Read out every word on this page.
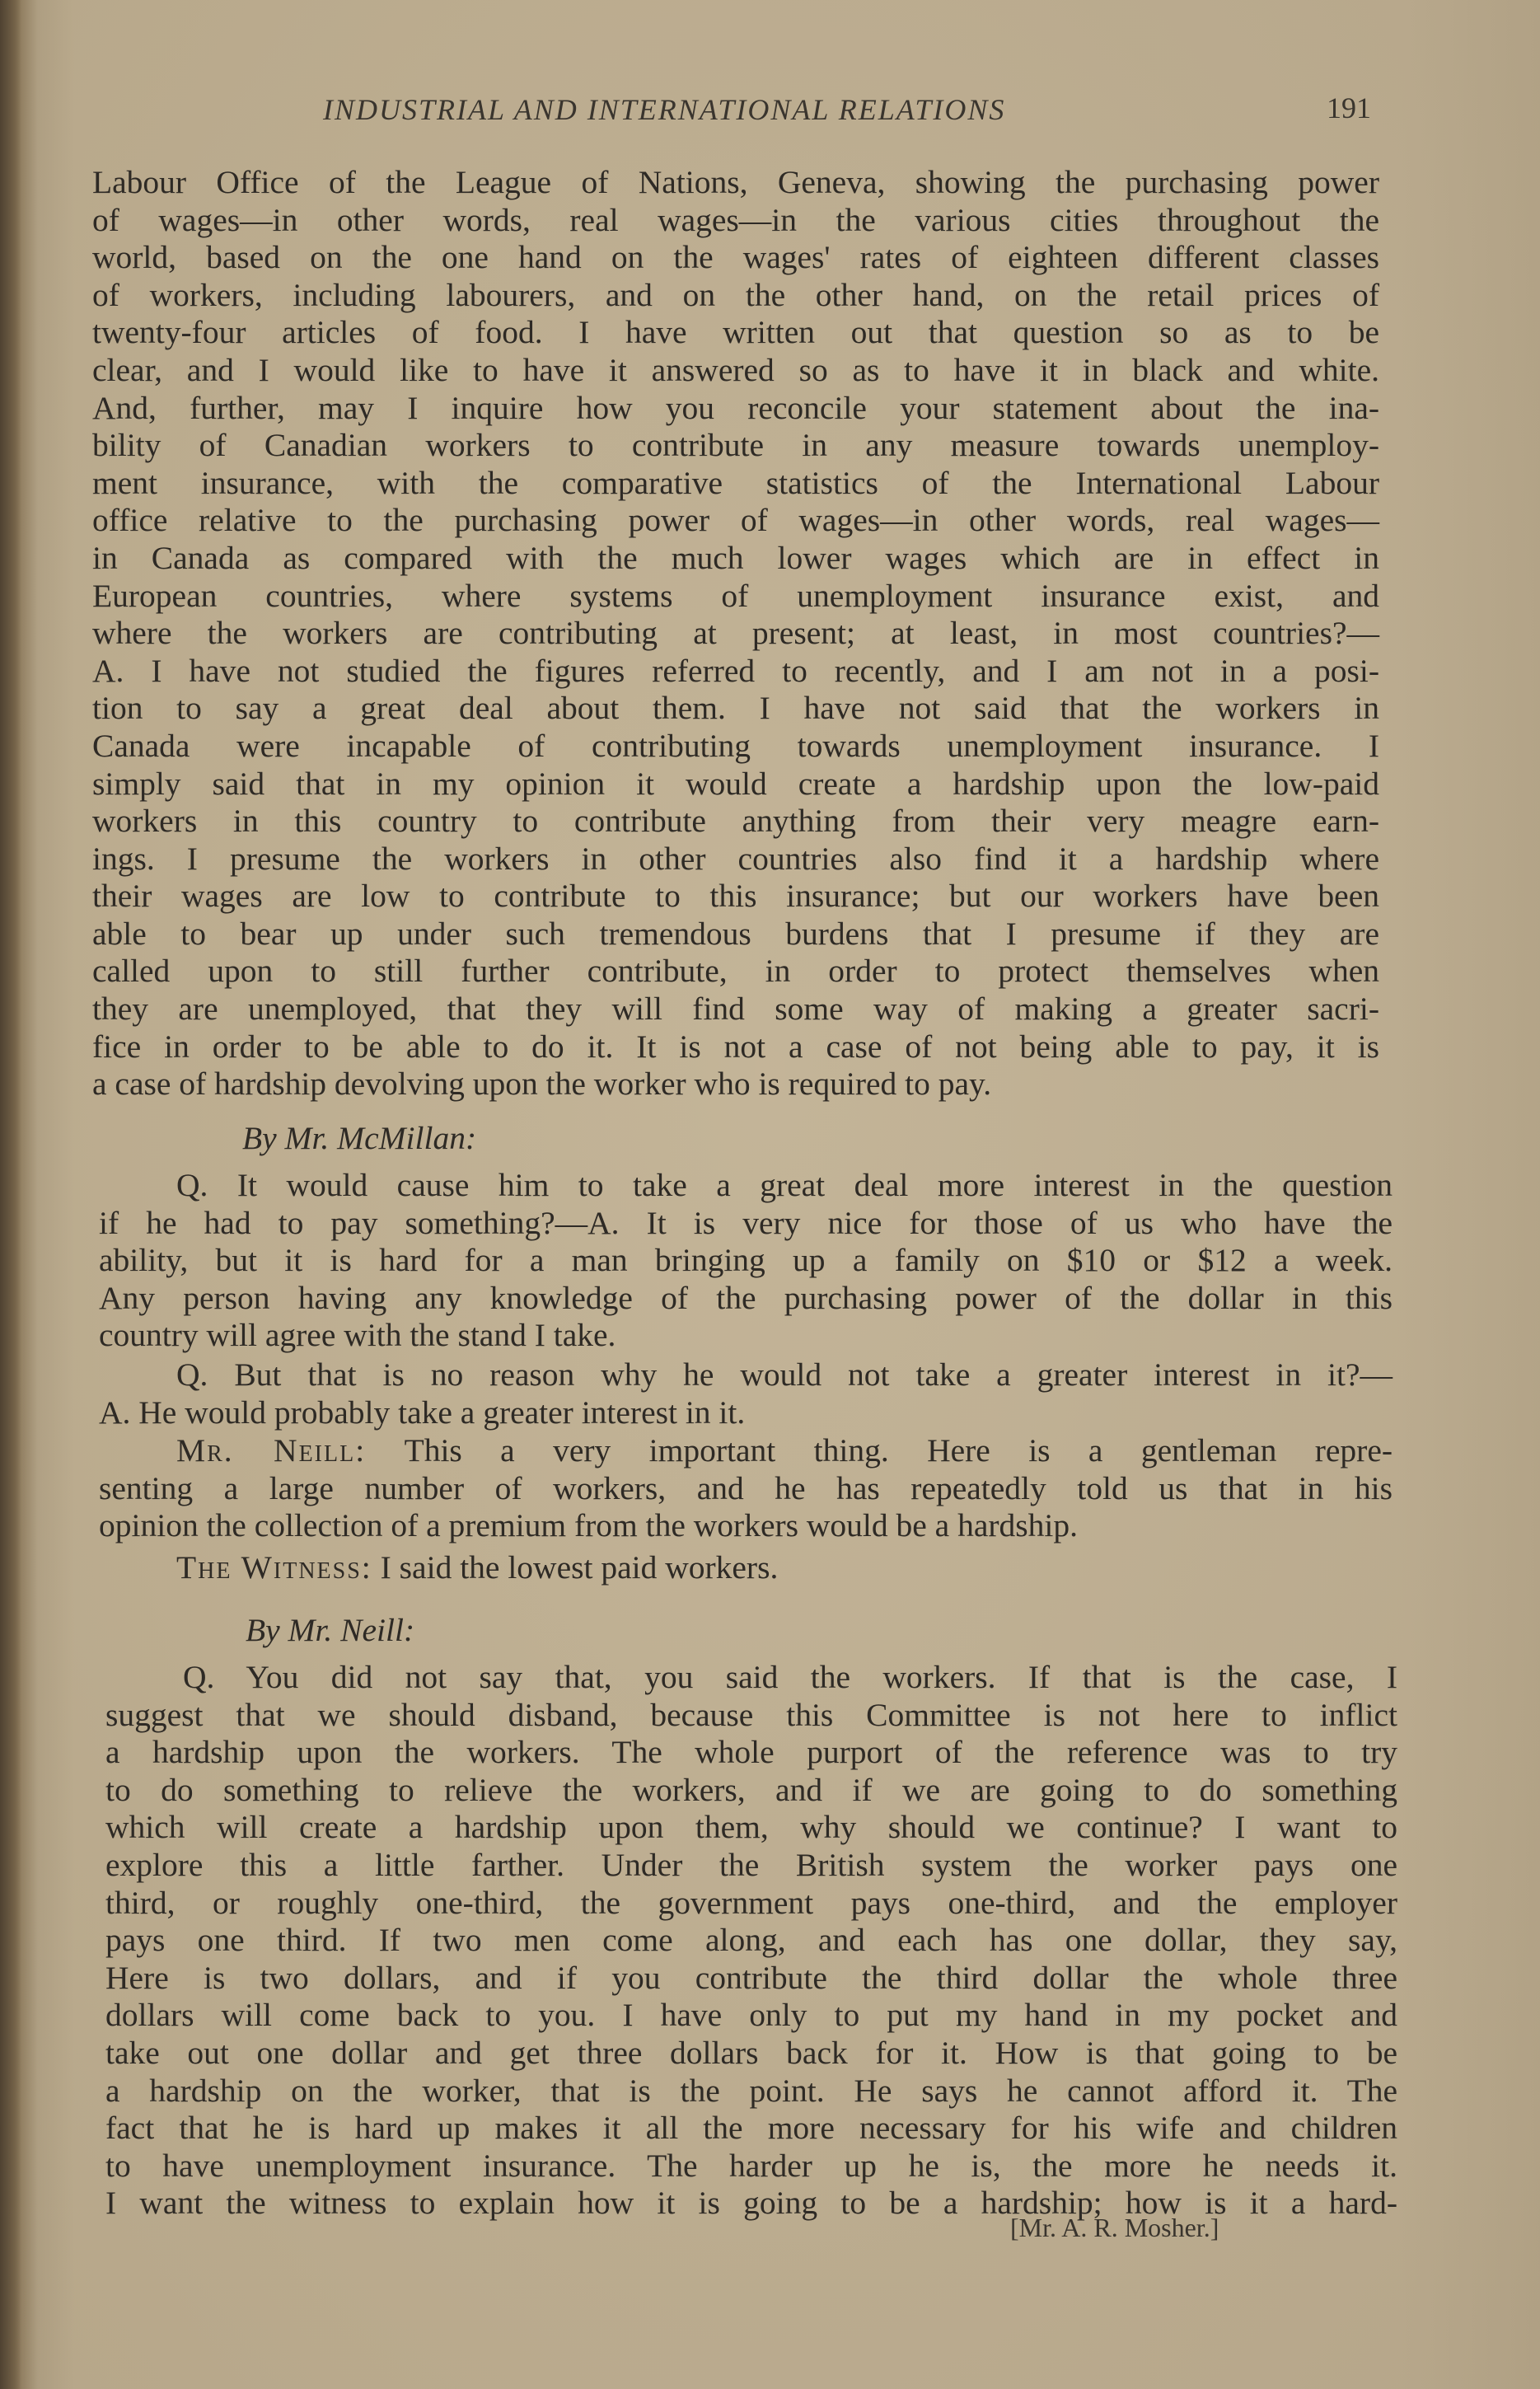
INDUSTRIAL AND INTERNATIONAL RELATIONS	191
Labour Office of the League of Nations, Geneva, showing the purchasing power
of wages—in other words, real wages—in the various cities throughout the
world, based on the one hand on the wages' rates of eighteen different classes
of workers, including labourers, and on the other hand, on the retail prices of
twenty-four articles of food. I have written out that question so as to be
clear, and I would like to have it answered so as to have it in black and white.
And, further, may I inquire how you reconcile your statement about the ina-
bility of Canadian workers to contribute in any measure towards unemploy-
ment insurance, with the comparative statistics of the International Labour
office relative to the purchasing power of wages—in other words, real wages—
in Canada as compared with the much lower wages which are in effect in
European countries, where systems of unemployment insurance exist, and
where the workers are contributing at present; at least, in most countries?—
A. I have not studied the figures referred to recently, and I am not in a posi-
tion to say a great deal about them. I have not said that the workers in
Canada were incapable of contributing towards unemployment insurance. I
simply said that in my opinion it would create a hardship upon the low-paid
workers in this country to contribute anything from their very meagre earn-
ings. I presume the workers in other countries also find it a hardship where
their wages are low to contribute to this insurance; but our workers have been
able to bear up under such tremendous burdens that I presume if they are
called upon to still further contribute, in order to protect themselves when
they are unemployed, that they will find some way of making a greater sacri-
fice in order to be able to do it. It is not a case of not being able to pay, it is
a case of hardship devolving upon the worker who is required to pay.
By Mr. McMillan:
Q. It would cause him to take a great deal more interest in the question
if he had to pay something?—A. It is very nice for those of us who have the
ability, but it is hard for a man bringing up a family on $10 or $12 a week.
Any person having any knowledge of the purchasing power of the dollar in this
country will agree with the stand I take.
Q. But that is no reason why he would not take a greater interest in it?—
A. He would probably take a greater interest in it.
Mr. Neill: This a very important thing. Here is a gentleman repre-
senting a large number of workers, and he has repeatedly told us that in his
opinion the collection of a premium from the workers would be a hardship.
The Witness: I said the lowest paid workers.
By Mr. Neill:
Q. You did not say that, you said the workers. If that is the case, I
suggest that we should disband, because this Committee is not here to inflict
a hardship upon the workers. The whole purport of the reference was to try
to do something to relieve the workers, and if we are going to do something
which will create a hardship upon them, why should we continue? I want to
explore this a little farther. Under the British system the worker pays one
third, or roughly one-third, the government pays one-third, and the employer
pays one third. If two men come along, and each has one dollar, they say,
Here is two dollars, and if you contribute the third dollar the whole three
dollars will come back to you. I have only to put my hand in my pocket and
take out one dollar and get three dollars back for it. How is that going to be
a hardship on the worker, that is the point. He says he cannot afford it. The
fact that he is hard up makes it all the more necessary for his wife and children
to have unemployment insurance. The harder up he is, the more he needs it.
I want the witness to explain how it is going to be a hardship; how is it a hard-
[Mr. A. R. Mosher.]
